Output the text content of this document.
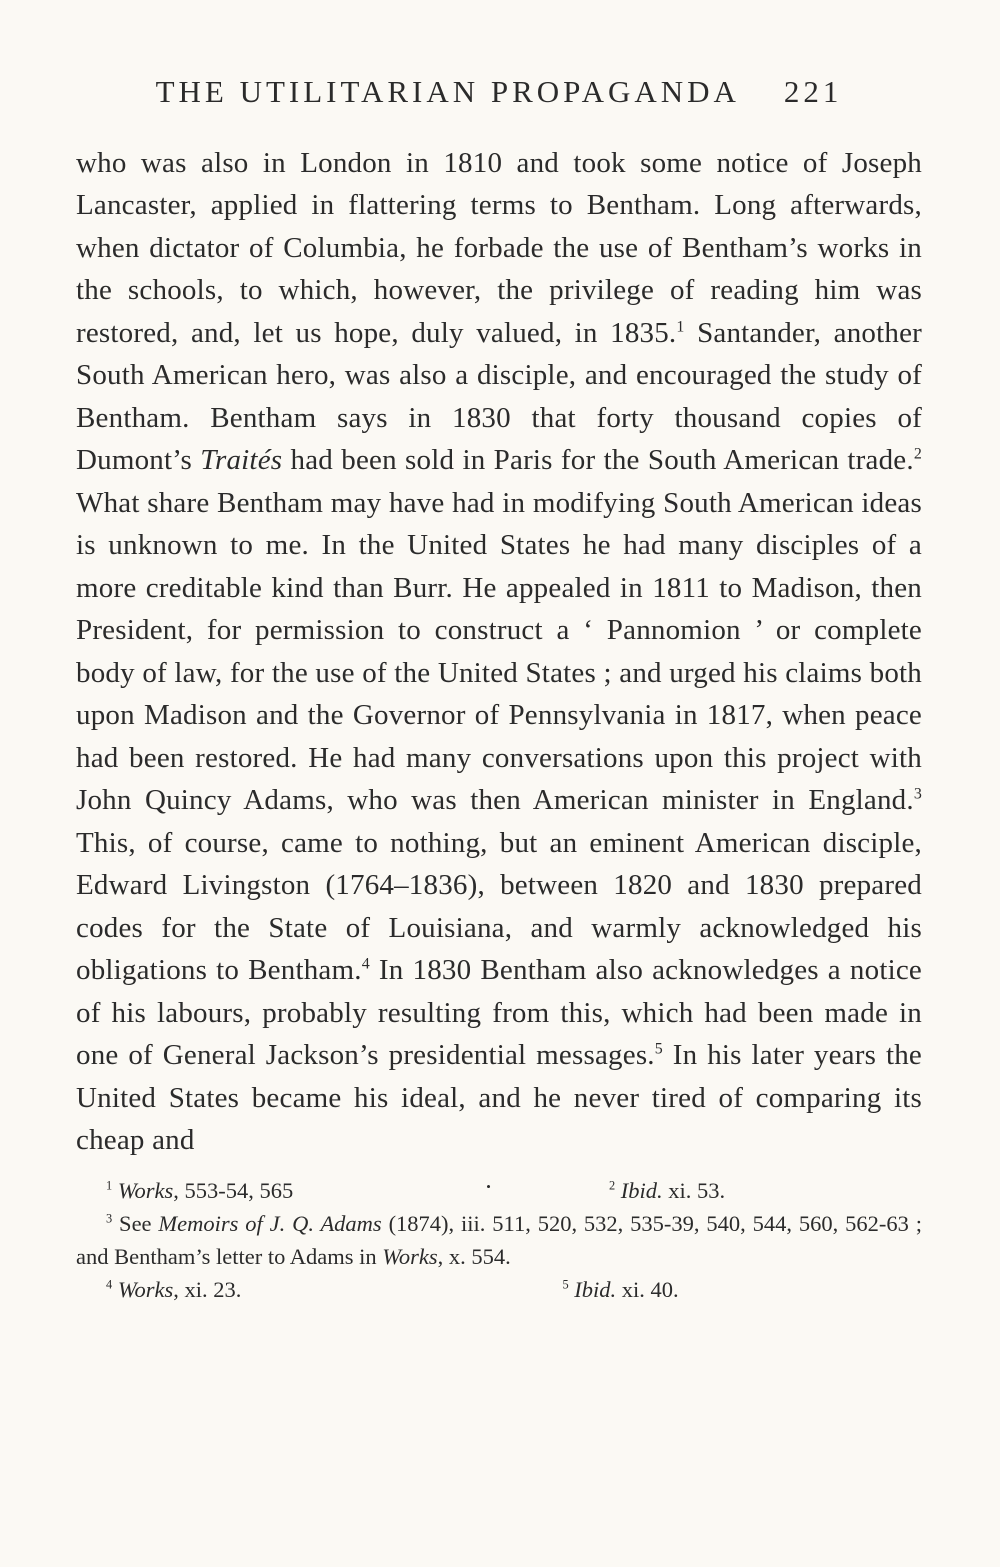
THE UTILITARIAN PROPAGANDA 221

who was also in London in 1810 and took some notice of Joseph Lancaster, applied in flattering terms to Bentham. Long afterwards, when dictator of Columbia, he forbade the use of Bentham’s works in the schools, to which, however, the privilege of reading him was restored, and, let us hope, duly valued, in 1835.$^1$ Santander, another South American hero, was also a disciple, and encouraged the study of Bentham. Bentham says in 1830 that forty thousand copies of Dumont’s Traités had been sold in Paris for the South American trade.$^2$ What share Bentham may have had in modifying South American ideas is unknown to me. In the United States he had many disciples of a more creditable kind than Burr. He appealed in 1811 to Madison, then President, for permission to construct a ‘ Pannomion ’ or complete body of law, for the use of the United States ; and urged his claims both upon Madison and the Governor of Pennsylvania in 1817, when peace had been restored. He had many conversations upon this project with John Quincy Adams, who was then American minister in England.$^3$ This, of course, came to nothing, but an eminent American disciple, Edward Livingston (1764–1836), between 1820 and 1830 prepared codes for the State of Louisiana, and warmly acknowledged his obligations to Bentham.$^4$ In 1830 Bentham also acknowledges a notice of his labours, probably resulting from this, which had been made in one of General Jackson’s presidential messages.$^5$ In his later years the United States became his ideal, and he never tired of comparing its cheap and

$^1$ Works, 553-54, 565	•	$^2$ Ibid. xi. 53.
$^3$ See Memoirs of J. Q. Adams (1874), iii. 511, 520, 532, 535-39, 540, 544, 560, 562-63 ; and Bentham’s letter to Adams in Works, x. 554.
$^4$ Works, xi. 23.	$^5$ Ibid. xi. 40.
